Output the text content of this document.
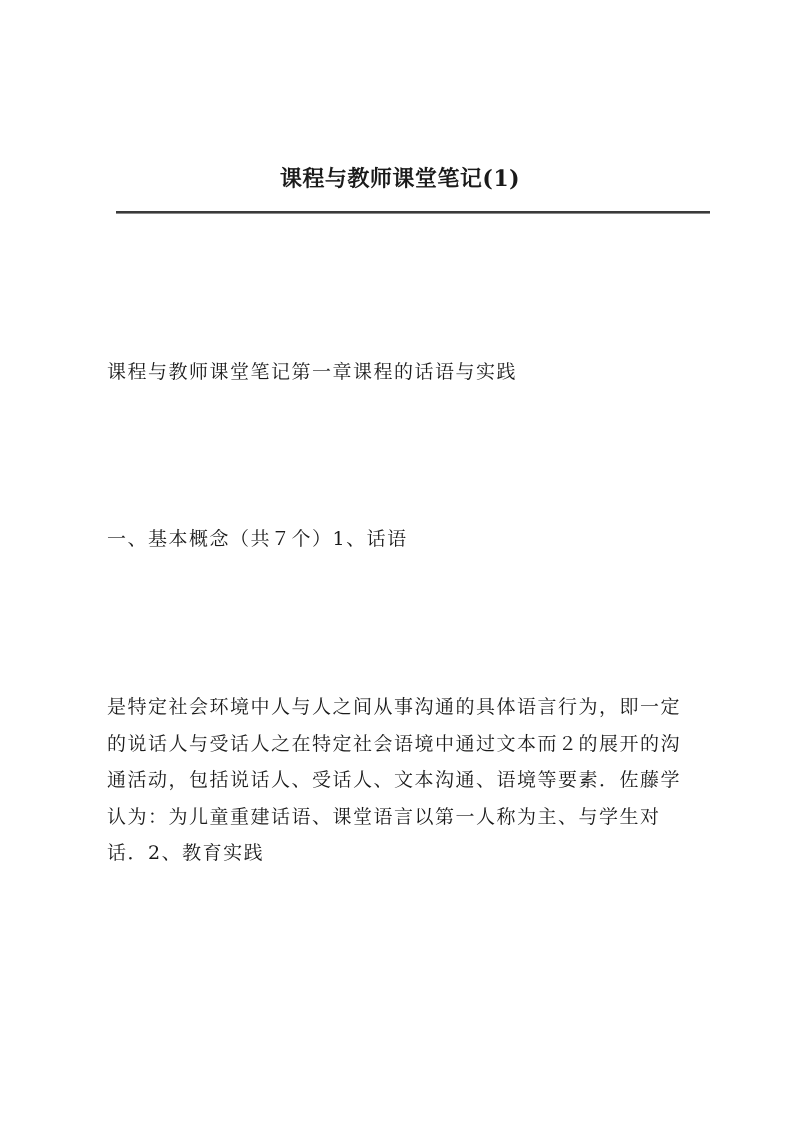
课程与教师课堂笔记(1)
课程与教师课堂笔记第一章课程的话语与实践
一、基本概念（共７个）1、话语
是特定社会环境中人与人之间从事沟通的具体语言行为，即一定
的说话人与受话人之在特定社会语境中通过文本而２的展开的沟
通活动，包括说话人、受话人、文本沟通、语境等要素．佐藤学
认为：为儿童重建话语、课堂语言以第一人称为主、与学生对
话．2、教育实践
